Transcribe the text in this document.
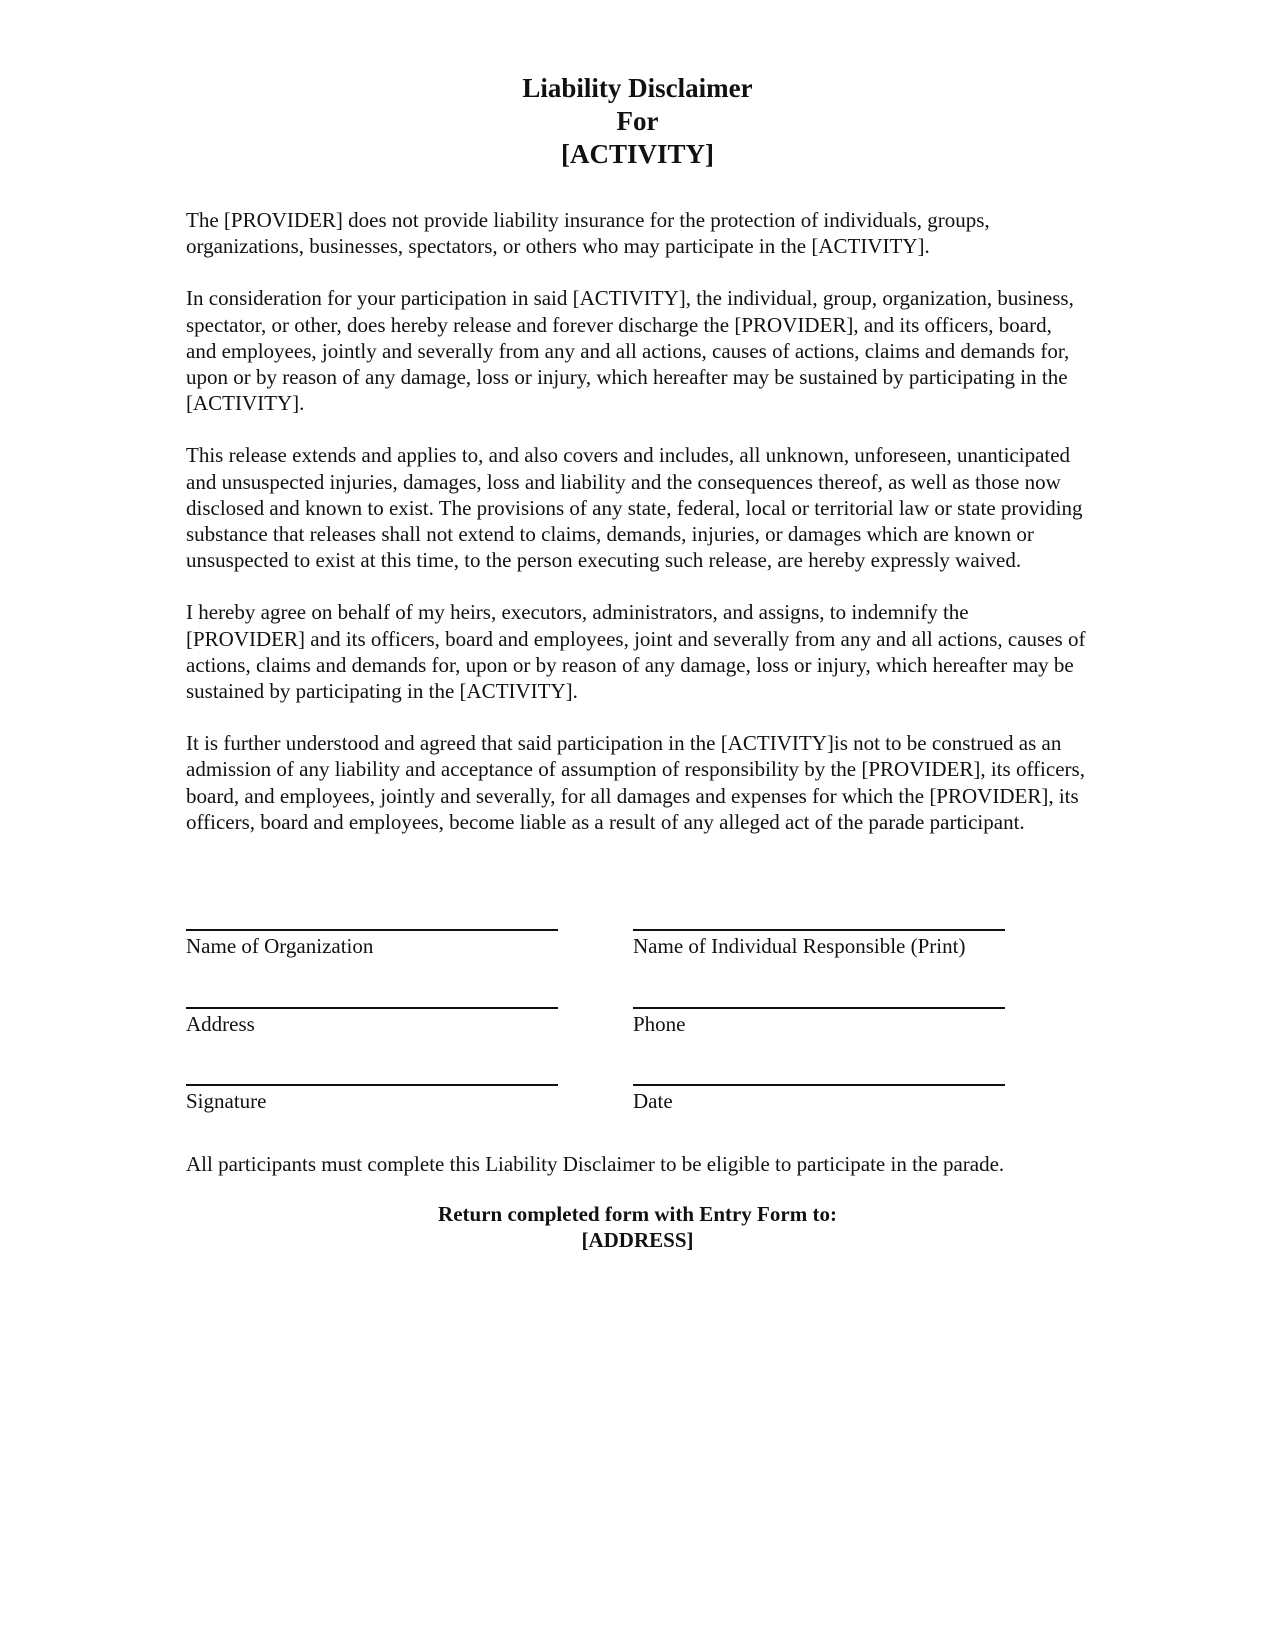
Liability Disclaimer
For
[ACTIVITY]

The [PROVIDER] does not provide liability insurance for the protection of individuals, groups, organizations, businesses, spectators, or others who may participate in the [ACTIVITY].

In consideration for your participation in said [ACTIVITY], the individual, group, organization, business, spectator, or other, does hereby release and forever discharge the [PROVIDER], and its officers, board, and employees, jointly and severally from any and all actions, causes of actions, claims and demands for, upon or by reason of any damage, loss or injury, which hereafter may be sustained by participating in the [ACTIVITY].

This release extends and applies to, and also covers and includes, all unknown, unforeseen, unanticipated and unsuspected injuries, damages, loss and liability and the consequences thereof, as well as those now disclosed and known to exist. The provisions of any state, federal, local or territorial law or state providing substance that releases shall not extend to claims, demands, injuries, or damages which are known or unsuspected to exist at this time, to the person executing such release, are hereby expressly waived.

I hereby agree on behalf of my heirs, executors, administrators, and assigns, to indemnify the [PROVIDER] and its officers, board and employees, joint and severally from any and all actions, causes of actions, claims and demands for, upon or by reason of any damage, loss or injury, which hereafter may be sustained by participating in the [ACTIVITY].

It is further understood and agreed that said participation in the [ACTIVITY]is not to be construed as an admission of any liability and acceptance of assumption of responsibility by the [PROVIDER], its officers, board, and employees, jointly and severally, for all damages and expenses for which the [PROVIDER], its officers, board and employees, become liable as a result of any alleged act of the parade participant.

Name of Organization	Name of Individual Responsible (Print)
Address	Phone
Signature	Date
All participants must complete this Liability Disclaimer to be eligible to participate in the parade.
Return completed form with Entry Form to:
[ADDRESS]
